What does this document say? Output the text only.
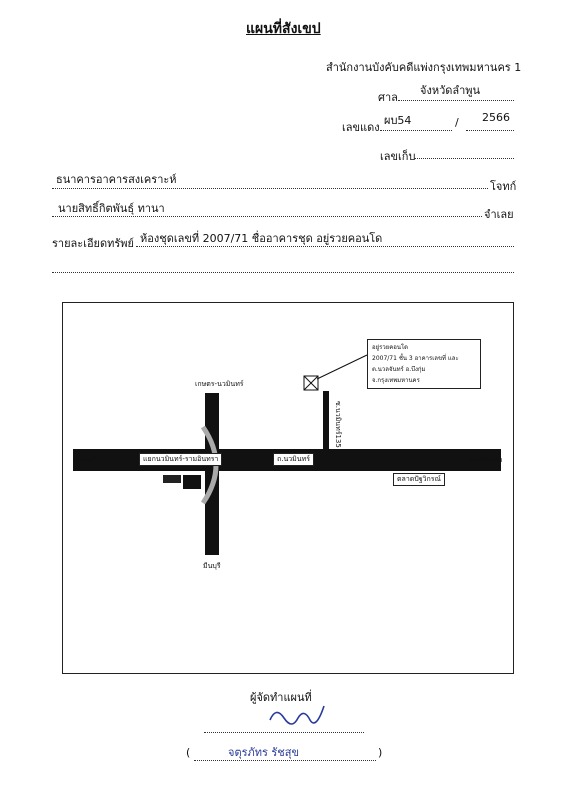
แผนที่สังเขป
สำนักงานบังคับคดีแพ่งกรุงเทพมหานคร 1
ศาล
จังหวัดลำพูน
เลขแดง
ผบ54	/ 2566
เลขเก็บ
ธนาคารอาคารสงเคราะห์
โจทก์
นายสิทธิ์กิตพันธุ์ ทานา	จำเลย
รายละเอียดทรัพย์ ห้องชุดเลขที่ 2007/71 ชื่ออาคารชุด อยู่รวยคอนโด
อยู่รวยคอนโด
2007/71 ชั้น 3 อาคารเลขที่ และ
ต.นวลจันทร์ อ.บึงกุ่ม
จ.กรุงเทพมหานคร
ซ.นวมินทร์135
เกษตร-นวมินทร์
มีนบุรี
บางกะปิ	รามอินทรา
แยกนวมินทร์-รามอินทรา	ถ.นวมินทร์
ตลาดปัฐวิกรณ์
ผู้จัดทำแผนที่
(	จตุรภัทร รัชสุข	)
